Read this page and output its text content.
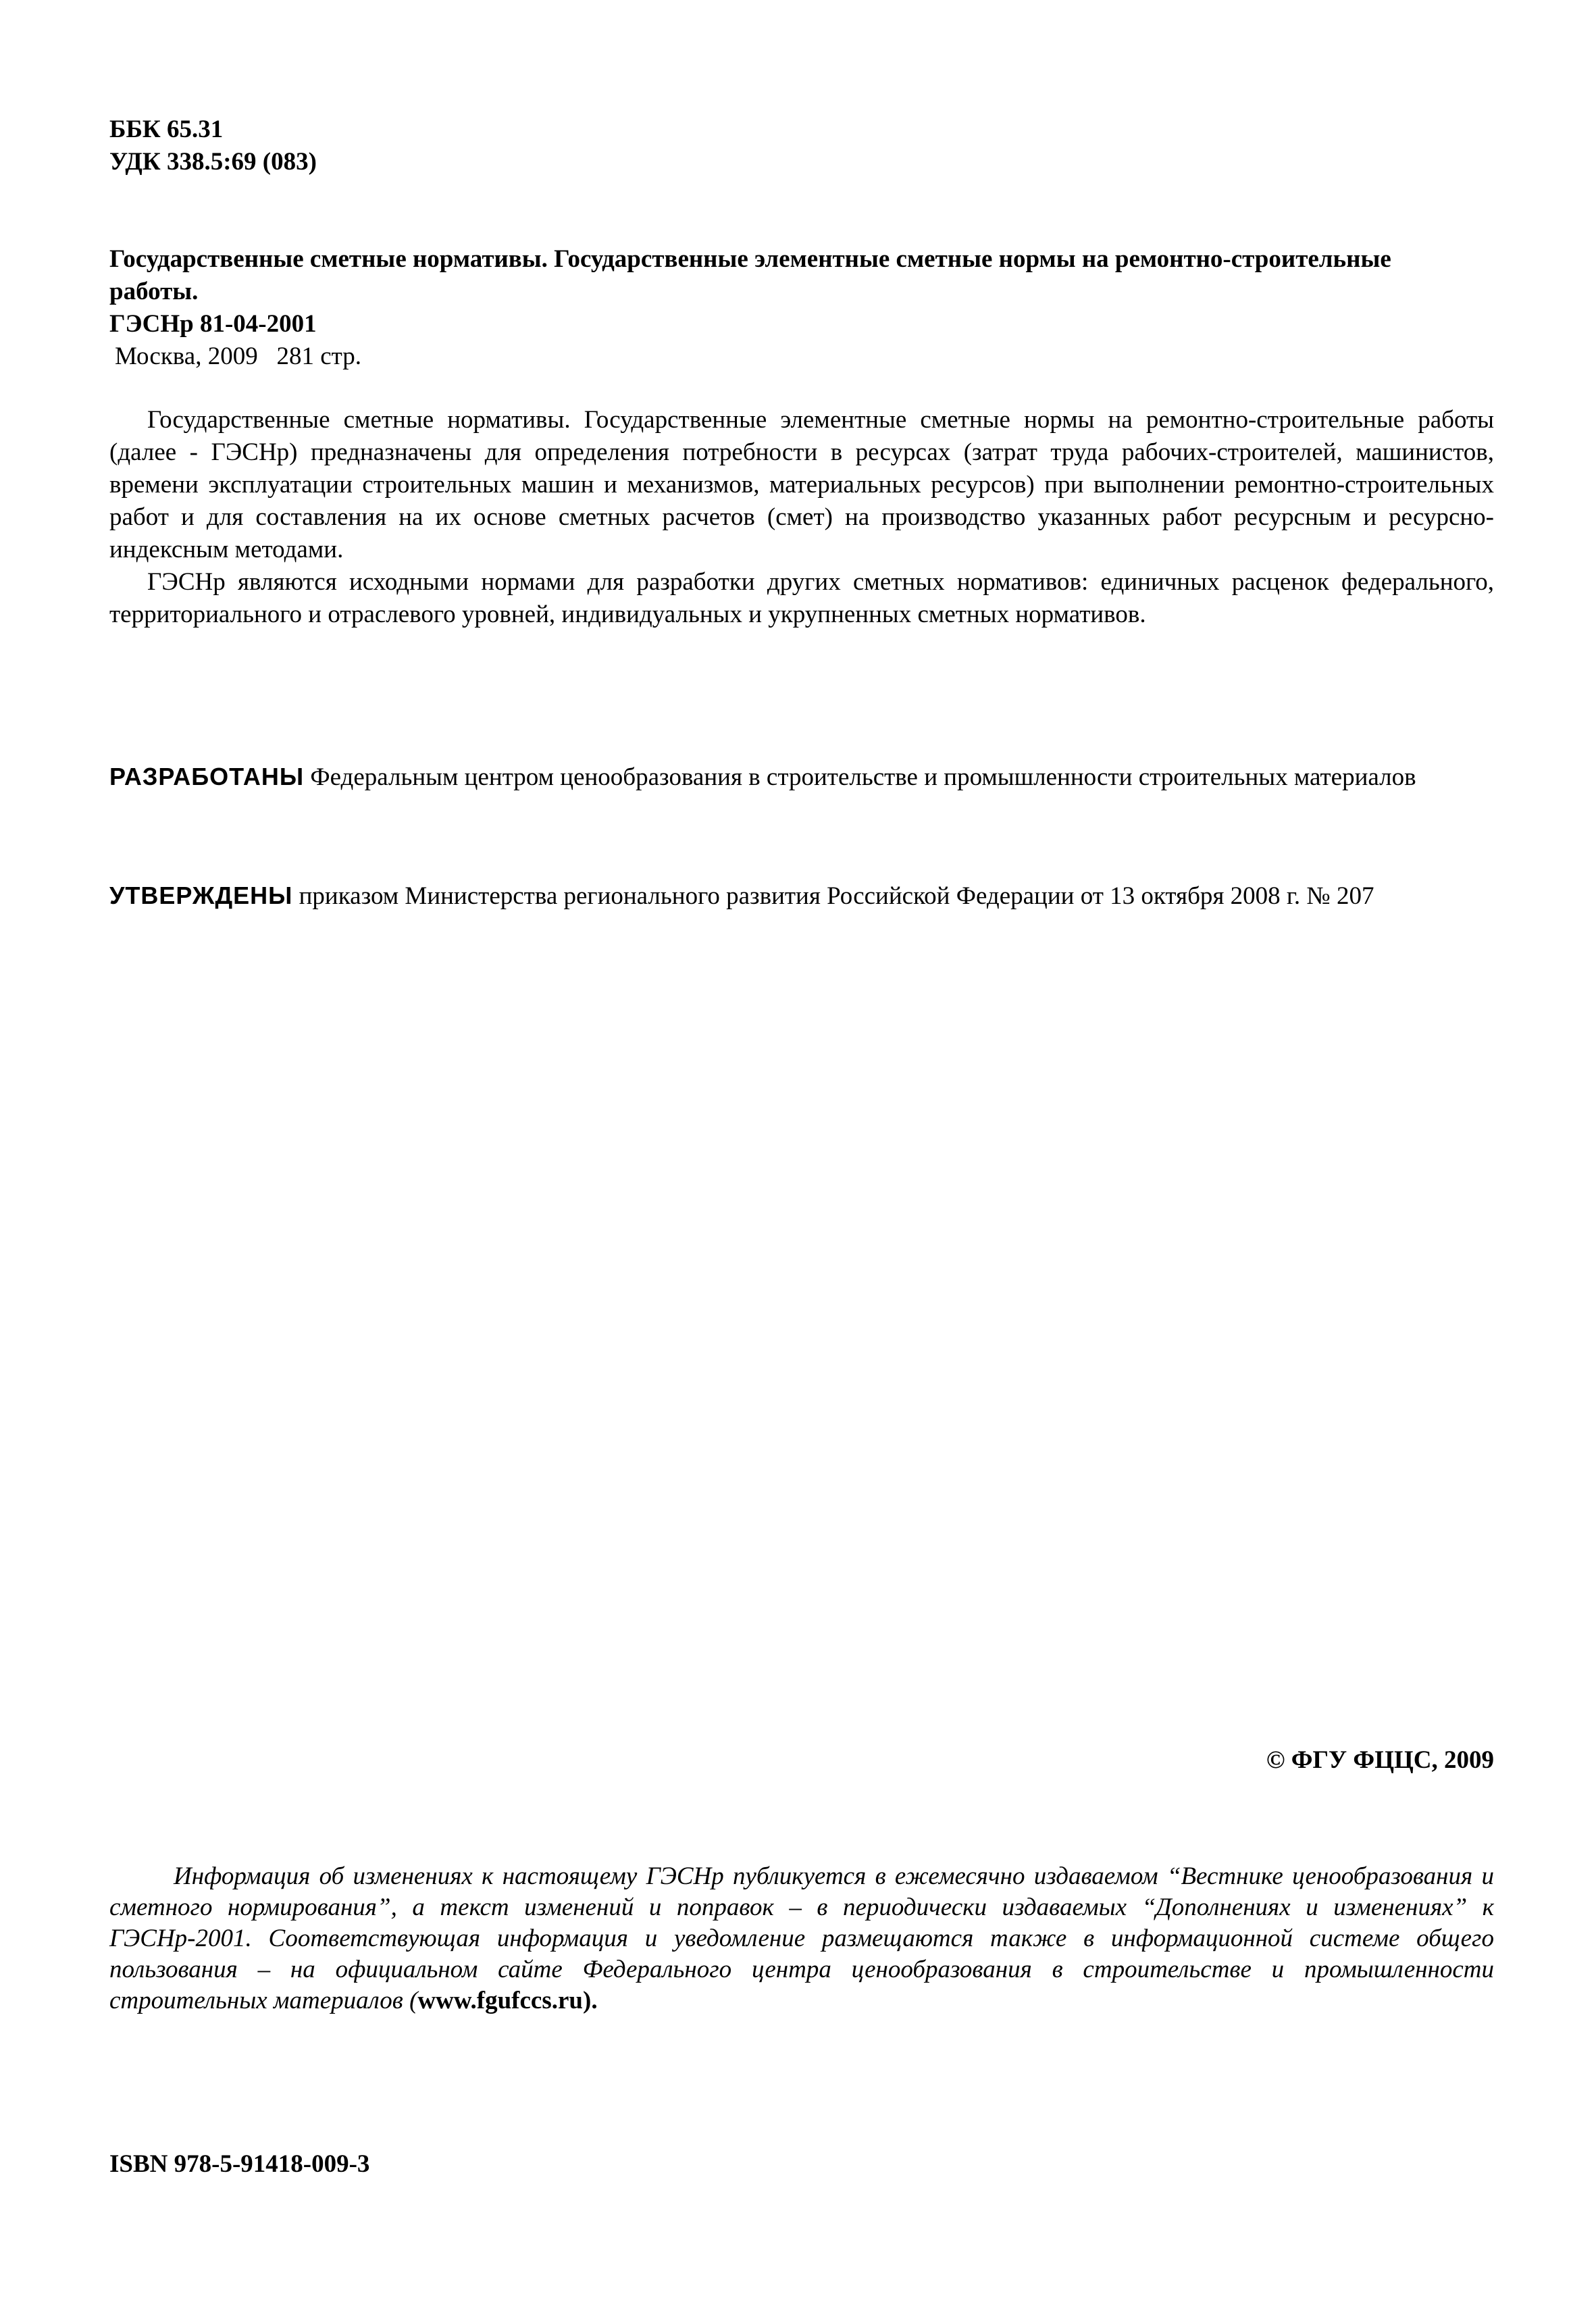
ББК 65.31
УДК 338.5:69 (083)
Государственные сметные нормативы. Государственные элементные сметные нормы на ремонтно-строительные работы.
ГЭСНр 81-04-2001
Москва, 2009   281 стр.

Государственные сметные нормативы. Государственные элементные сметные нормы на ремонтно-строительные работы (далее - ГЭСНр) предназначены для определения потребности в ресурсах (затрат труда рабочих-строителей, машинистов, времени эксплуатации строительных машин и механизмов, материальных ресурсов) при выполнении ремонтно-строительных работ и для составления на их основе сметных расчетов (смет) на производство указанных работ ресурсным и ресурсно-индексным методами.

ГЭСНр являются исходными нормами для разработки других сметных нормативов: единичных расценок федерального, территориального и отраслевого уровней, индивидуальных и укрупненных сметных нормативов.

РАЗРАБОТАНЫ Федеральным центром ценообразования в строительстве и промышленности строительных материалов
УТВЕРЖДЕНЫ приказом Министерства регионального развития Российской Федерации от 13 октября 2008 г. № 207
© ФГУ ФЦЦС, 2009

Информация об изменениях к настоящему ГЭСНр публикуется в ежемесячно издаваемом “Вестнике ценообразования и сметного нормирования”, а текст изменений и поправок – в периодически издаваемых “Дополнениях и изменениях” к ГЭСНр-2001. Соответствующая информация и уведомление размещаются также в информационной системе общего пользования – на официальном сайте Федерального центра ценообразования в строительстве и промышленности строительных материалов (www.fgufccs.ru).

ISBN 978-5-91418-009-3
